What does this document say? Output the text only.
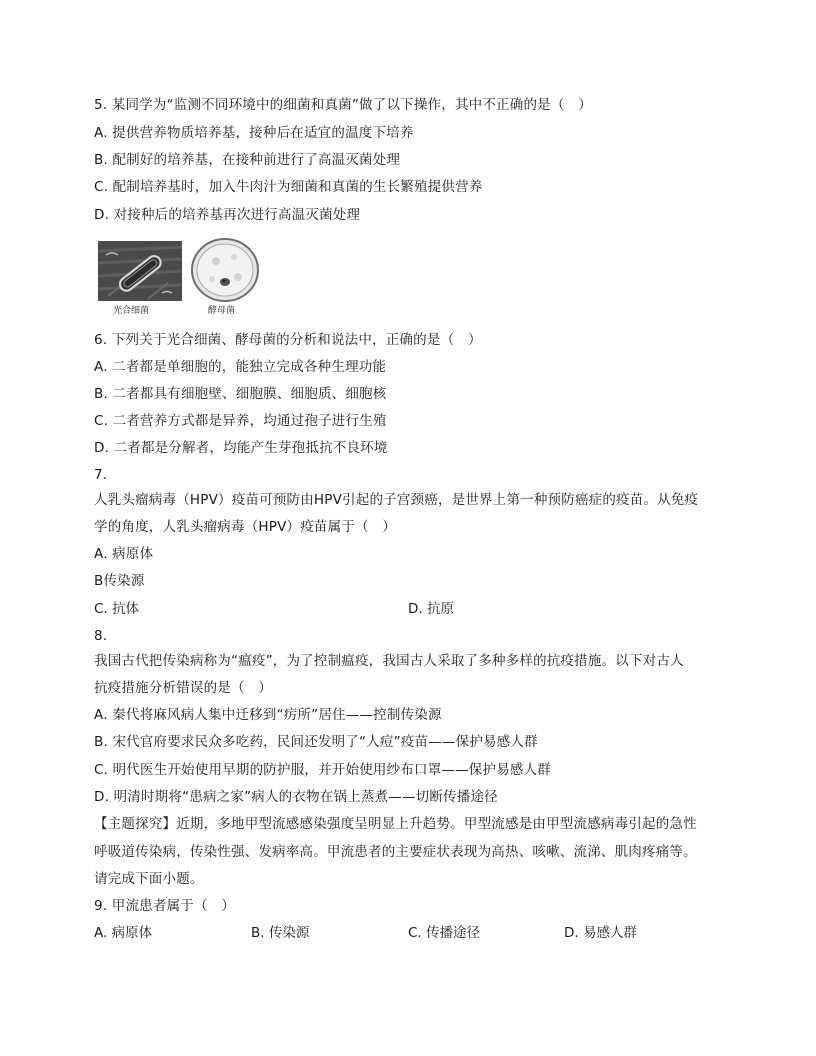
5. 某同学为“监测不同环境中的细菌和真菌”做了以下操作，其中不正确的是（　）
A. 提供营养物质培养基，接种后在适宜的温度下培养
B. 配制好的培养基，在接种前进行了高温灭菌处理
C. 配制培养基时，加入牛肉汁为细菌和真菌的生长繁殖提供营养
D. 对接种后的培养基再次进行高温灭菌处理
光合细菌	酵母菌
6. 下列关于光合细菌、酵母菌的分析和说法中，正确的是（　）
A. 二者都是单细胞的，能独立完成各种生理功能
B. 二者都具有细胞壁、细胞膜、细胞质、细胞核
C. 二者营养方式都是异养，均通过孢子进行生殖
D. 二者都是分解者，均能产生芽孢抵抗不良环境
7.
人乳头瘤病毒（HPV）疫苗可预防由HPV引起的子宫颈癌，是世界上第一种预防癌症的疫苗。从免疫
学的角度，人乳头瘤病毒（HPV）疫苗属于（　）
A. 病原体
B传染源
C. 抗体	D. 抗原
8.
我国古代把传染病称为“瘟疫”，为了控制瘟疫，我国古人采取了多种多样的抗疫措施。以下对古人
抗疫措施分析错误的是（　）
A. 秦代将麻风病人集中迁移到“疠所”居住——控制传染源
B. 宋代官府要求民众多吃药，民间还发明了“人痘”疫苗——保护易感人群
C. 明代医生开始使用早期的防护服，并开始使用纱布口罩——保护易感人群
D. 明清时期将“患病之家”病人的衣物在锅上蒸煮——切断传播途径
【主题探究】近期，多地甲型流感感染强度呈明显上升趋势。甲型流感是由甲型流感病毒引起的急性
呼吸道传染病，传染性强、发病率高。甲流患者的主要症状表现为高热、咳嗽、流涕、肌肉疼痛等。
请完成下面小题。
9. 甲流患者属于（　）
A. 病原体	B. 传染源	C. 传播途径	D. 易感人群
